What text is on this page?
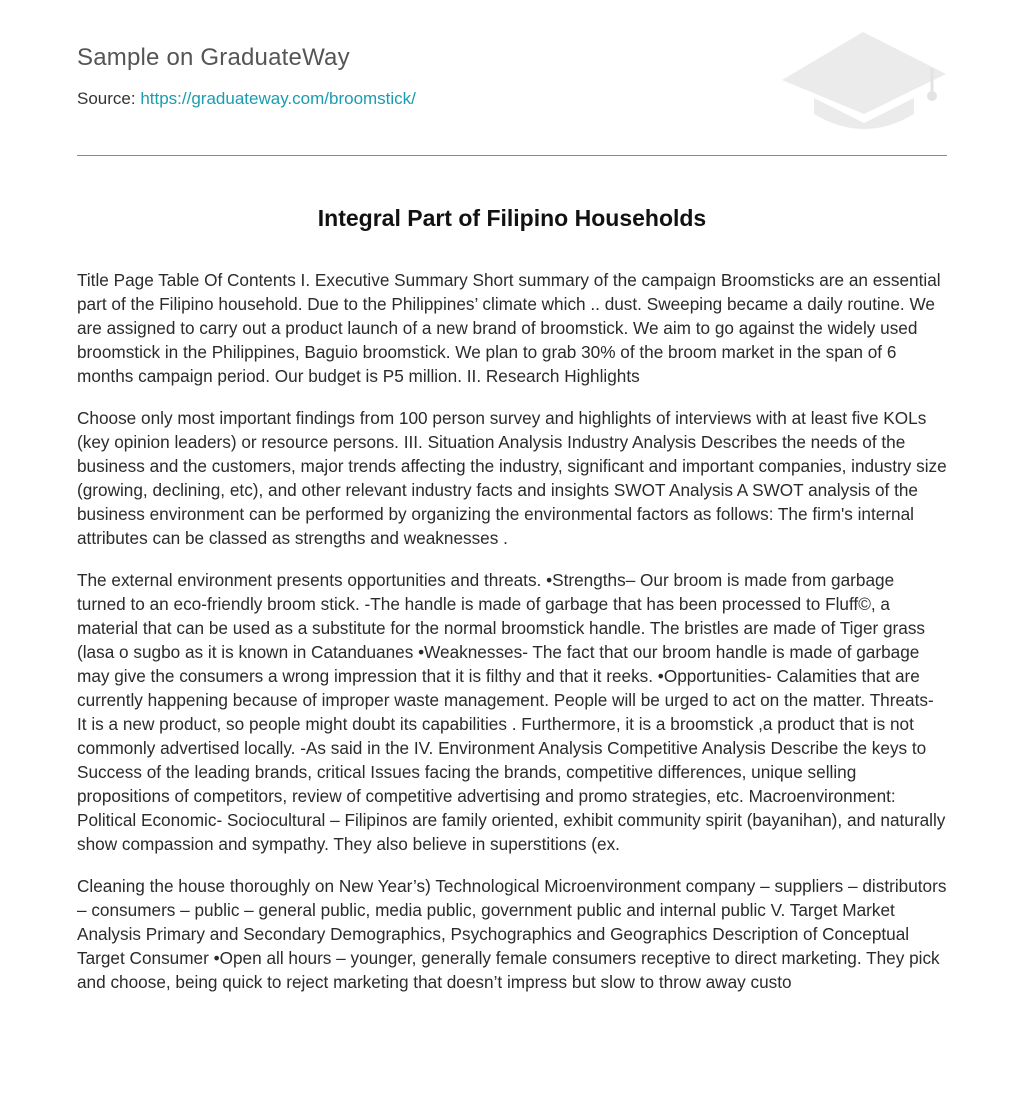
Sample on GraduateWay
Source: https://graduateway.com/broomstick/
Integral Part of Filipino Households

Title Page Table Of Contents I. Executive Summary Short summary of the campaign Broomsticks are an essential part of the Filipino household. Due to the Philippines’ climate which .. dust. Sweeping became a daily routine. We are assigned to carry out a product launch of a new brand of broomstick. We aim to go against the widely used broomstick in the Philippines, Baguio broomstick. We plan to grab 30% of the broom market in the span of 6 months campaign period. Our budget is P5 million. II. Research Highlights

Choose only most important findings from 100 person survey and highlights of interviews with at least five KOLs (key opinion leaders) or resource persons. III. Situation Analysis Industry Analysis Describes the needs of the business and the customers, major trends affecting the industry, significant and important companies, industry size (growing, declining, etc), and other relevant industry facts and insights SWOT Analysis A SWOT analysis of the business environment can be performed by organizing the environmental factors as follows: The firm's internal attributes can be classed as strengths and weaknesses .

The external environment presents opportunities and threats. •Strengths– Our broom is made from garbage turned to an eco-friendly broom stick. -The handle is made of garbage that has been processed to Fluff©, a material that can be used as a substitute for the normal broomstick handle. The bristles are made of Tiger grass (lasa o sugbo as it is known in Catanduanes •Weaknesses- The fact that our broom handle is made of garbage may give the consumers a wrong impression that it is filthy and that it reeks. •Opportunities- Calamities that are currently happening because of improper waste management. People will be urged to act on the matter. Threats- It is a new product, so people might doubt its capabilities . Furthermore, it is a broomstick ,a product that is not commonly advertised locally. -As said in the IV. Environment Analysis Competitive Analysis Describe the keys to Success of the leading brands, critical Issues facing the brands, competitive differences, unique selling propositions of competitors, review of competitive advertising and promo strategies, etc. Macroenvironment: Political Economic- Sociocultural – Filipinos are family oriented, exhibit community spirit (bayanihan), and naturally show compassion and sympathy. They also believe in superstitions (ex.

Cleaning the house thoroughly on New Year’s) Technological Microenvironment company – suppliers – distributors – consumers – public – general public, media public, government public and internal public V. Target Market Analysis Primary and Secondary Demographics, Psychographics and Geographics Description of Conceptual Target Consumer •Open all hours – younger, generally female consumers receptive to direct marketing. They pick and choose, being quick to reject marketing that doesn’t impress but slow to throw away custo
